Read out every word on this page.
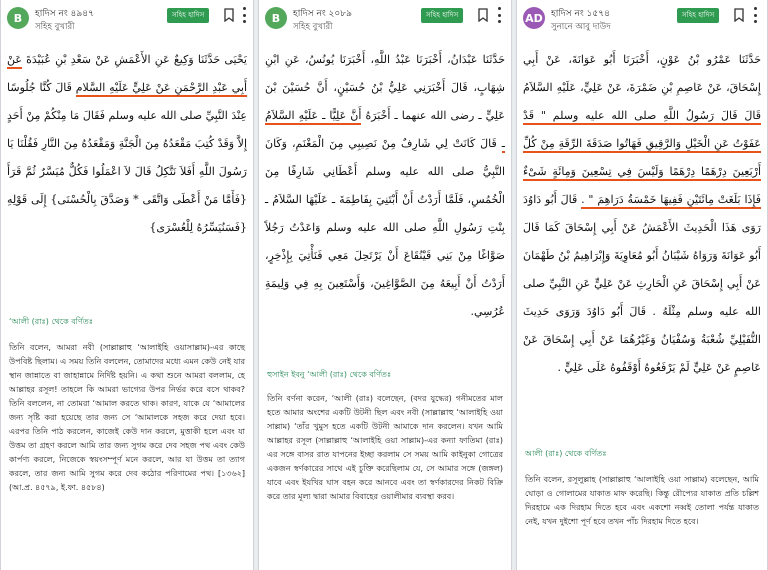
B	হাদিস নং ৪৯৪৭
সহিহ বুখারী
সহিহ হাদিস
يَحْيَى حَدَّثَنَا وَكِيعٌ عَنِ الأَعْمَشِ عَنْ سَعْدِ بْنِ عُبَيْدَةَ عَنْ أَبِي عَبْدِ الرَّحْمَنِ عَنْ عَلِيٍّ عَلَيْهِ السَّلام قَالَ كُنَّا جُلُوسًا عِنْدَ النَّبِيِّ صلى الله عليه وسلم فَقَالَ مَا مِنْكُمْ مِنْ أَحَدٍ إِلاَّ وَقَدْ كُتِبَ مَقْعَدُهُ مِنَ الْجَنَّةِ وَمَقْعَدُهُ مِنَ النَّارِ فَقُلْنَا يَا رَسُولَ اللَّهِ أَفَلاَ نَتَّكِلُ قَالَ لاَ اعْمَلُوا فَكُلٌّ مُيَسَّرٌ ثُمَّ قَرَأَ ‏{‏فَأَمَّا مَنْ أَعْطَى وَاتَّقَى * وَصَدَّقَ بِالْحُسْنَى‏}‏ إِلَى قَوْلِهِ ‏{‏فَسَنُيَسِّرُهُ لِلْعُسْرَى‏}‏
‘আলী (রাঃ) থেকে বর্ণিতঃ
তিনি বলেন, আমরা নবী (সাল্লাল্লাহু ‘আলাইহি ওয়াসাল্লাম)-এর কাছে উপবিষ্ট ছিলাম। এ সময় তিনি বললেন, তোমাদের মধ্যে এমন কেউ নেই যার স্থান জান্নাতে বা জাহান্নামে নির্দিষ্ট হয়নি। এ কথা শুনে আমরা বললাম, হে আল্লাহর রসূল! তাহলে কি আমরা ভাগ্যের উপর নির্ভর করে বসে থাকব? তিনি বললেন, না তোমরা ‘আমাল করতে থাক। কারণ, যাকে যে ‘আমালের জন্য সৃষ্টি করা হয়েছে তার জন্য সে ‘আমালকে সহজ করে দেয়া হবে। এরপর তিনি পাঠ করলেন, কাজেই কেউ দান করলে, মুত্তাকী হলে এবং যা উত্তম তা গ্রহণ করলে আমি তার জন্য সুগম করে দেব সহজ পথ এবং কেউ কার্পণ্য করলে, নিজেকে স্বয়ংসম্পূর্ণ মনে করলে, আর যা উত্তম তা ত্যাগ করলে, তার জন্য আমি সুগম করে দেব কঠোর পরিণামের পথ। [১৩৬২] (আ.প্র. ৪৫৭৯, ই.ফা. ৪৫৮৪)
B	হাদিস নং ২০৮৯
সহিহ বুখারী
সহিহ হাদিস
حَدَّثَنَا عَبْدَانُ، أَخْبَرَنَا عَبْدُ اللَّهِ، أَخْبَرَنَا يُونُسُ، عَنِ ابْنِ شِهَابٍ، قَالَ أَخْبَرَنِي عَلِيُّ بْنُ حُسَيْنٍ، أَنَّ حُسَيْنَ بْنَ عَلِيٍّ ـ رضى الله عنهما ـ أَخْبَرَهُ أَنَّ عَلِيًّا ـ عَلَيْهِ السَّلاَمُ ـ قَالَ كَانَتْ لِي شَارِفٌ مِنْ نَصِيبِي مِنَ الْمَغْنَمِ، وَكَانَ النَّبِيُّ صلى الله عليه وسلم أَعْطَانِي شَارِفًا مِنَ الْخُمُسِ، فَلَمَّا أَرَدْتُ أَنْ أَبْتَنِيَ بِفَاطِمَةَ ـ عَلَيْهَا السَّلاَمُ ـ بِنْتِ رَسُولِ اللَّهِ صلى الله عليه وسلم وَاعَدْتُ رَجُلاً صَوَّاغًا مِنْ بَنِي قَيْنُقَاعَ أَنْ يَرْتَحِلَ مَعِي فَنَأْتِيَ بِإِذْخِرٍ، أَرَدْتُ أَنْ أَبِيعَهُ مِنَ الصَّوَّاغِينَ، وَأَسْتَعِينَ بِهِ فِي وَلِيمَةِ عُرُسِي‏.
হুসাইন ইবনু ‘আলী (রাঃ) থেকে বর্ণিতঃ
তিনি বর্ণনা করেন, ‘আলী (রাঃ) বলেছেন, (বদর যুদ্ধের) গনীমতের মাল হতে আমার অংশের একটি উটনী ছিল এবং নবী (সাল্লাল্লাহু ‘আলাইহি ওয়া সাল্লাম) ‘তাঁর খুমুস হতে একটি উটনী আমাকে দান করলেন। যখন আমি আল্লাহর রসূল (সাল্লাল্লাহু ‘আলাইহি ওয়া সাল্লাম)-এর কন্যা ফাতিমা (রাঃ) এর সঙ্গে বাসর রাত যাপনের ইচ্ছা করলাম সে সময় আমি কাইনুকা গোত্রের একজন স্বর্ণকারের সাথে এই চুক্তি করেছিলাম যে, সে আমার সঙ্গে (জঙ্গল) যাবে এবং ইযখির ঘাস বহন করে আনবে এবং তা স্বর্ণকারদের নিকট বিক্রি করে তার মূল্য দ্বারা আমার বিবাহের ওয়ালীমার ব্যবস্থা করব।
AD হাদিস নং ১৫৭৪
সুনানে আবু দাউদ
সহিহ হাদিস
حَدَّثَنَا عَمْرُو بْنُ عَوْنٍ، أَخْبَرَنَا أَبُو عَوَانَةَ، عَنْ أَبِي إِسْحَاقَ، عَنْ عَاصِمِ بْنِ ضَمْرَةَ، عَنْ عَلِيٍّ، عَلَيْهِ السَّلاَمُ قَالَ قَالَ رَسُولُ اللَّهِ صلى الله عليه وسلم ‏"‏ قَدْ عَفَوْتُ عَنِ الْخَيْلِ وَالرَّقِيقِ فَهَاتُوا صَدَقَةَ الرِّقَةِ مِنْ كُلِّ أَرْبَعِينَ دِرْهَمًا دِرْهَمًا وَلَيْسَ فِي تِسْعِينَ وَمِائَةٍ شَىْءٌ فَإِذَا بَلَغَتْ مِائَتَيْنِ فَفِيهَا خَمْسَةُ دَرَاهِمَ ‏"‏ ‏.‏ قَالَ أَبُو دَاوُدَ رَوَى هَذَا الْحَدِيثَ الأَعْمَشُ عَنْ أَبِي إِسْحَاقَ كَمَا قَالَ أَبُو عَوَانَةَ وَرَوَاهُ شَيْبَانُ أَبُو مُعَاوِيَةَ وَإِبْرَاهِيمُ بْنُ طَهْمَانَ عَنْ أَبِي إِسْحَاقَ عَنِ الْحَارِثِ عَنْ عَلِيٍّ عَنِ النَّبِيِّ صلى الله عليه وسلم مِثْلَهُ ‏.‏ قَالَ أَبُو دَاوُدَ وَرَوَى حَدِيثَ النُّفَيْلِيِّ شُعْبَةُ وَسُفْيَانُ وَغَيْرُهُمَا عَنْ أَبِي إِسْحَاقَ عَنْ عَاصِمٍ عَنْ عَلِيٍّ لَمْ يَرْفَعُوهُ أَوْقَفُوهُ عَلَى عَلِيٍّ ‏.‏
আলী (রাঃ) থেকে বর্ণিতঃ
তিনি বলেন, রসূলুল্লাহ (সাল্লাল্লাহু ‘আলাইহি ওয়া সাল্লাম) বলেছেন, আমি ঘোড়া ও গোলামের যাকাত মাফ করেছি। কিন্তু রৌপ্যের যাকাত প্রতি চল্লিশ দিরহামে এক দিরহাম দিতে হবে এবং একশো নব্বই তোলা পর্যন্ত যাকাত নেই, যখন দুইশো পূর্ণ হবে তখন পাঁচ দিরহাম দিতে হবে।
